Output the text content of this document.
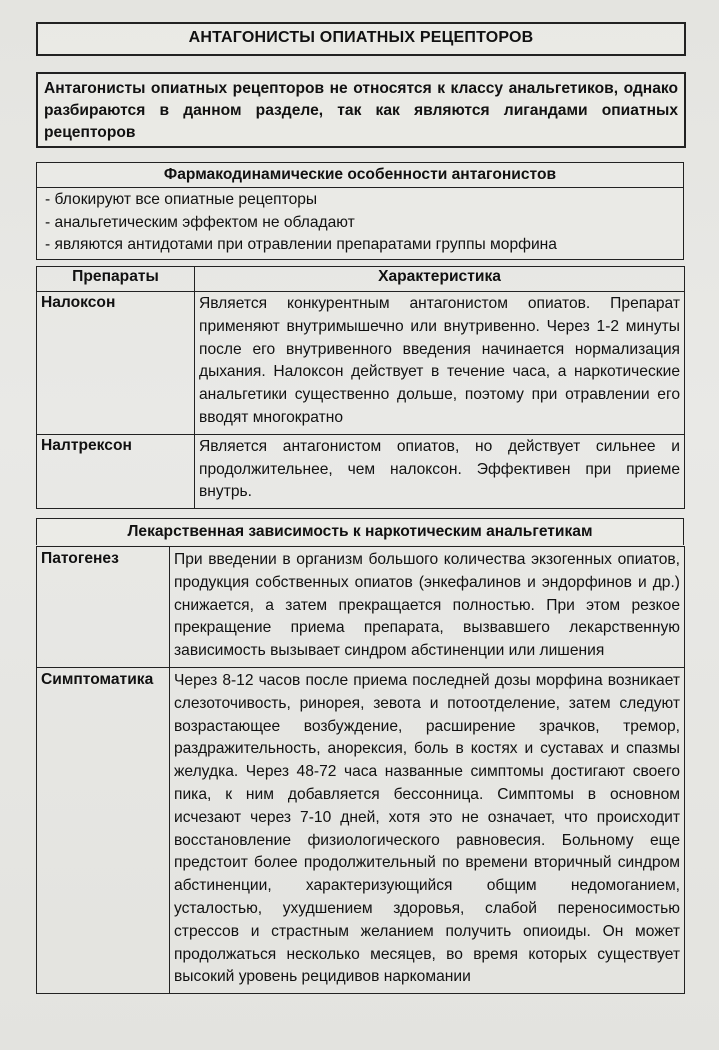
АНТАГОНИСТЫ ОПИАТНЫХ РЕЦЕПТОРОВ
Антагонисты опиатных рецепторов не относятся к классу анальгетиков, однако разбираются в данном разделе, так как являются лигандами опиатных рецепторов
Фармакодинамические особенности антагонистов
- блокируют все опиатные рецепторы
- анальгетическим эффектом не обладают
- являются антидотами при отравлении препаратами группы морфина
Препараты	Характеристика
Налоксон	Является конкурентным антагонистом опиатов. Препарат применяют внутримышечно или внутривенно. Через 1-2 минуты после его внутривенного введения начинается нормализация дыхания. Налоксон действует в течение часа, а наркотические анальгетики существенно дольше, поэтому при отравлении его вводят многократно
Налтрексон	Является антагонистом опиатов, но действует сильнее и продолжительнее, чем налоксон. Эффективен при приеме внутрь.
Лекарственная зависимость к наркотическим анальгетикам
Патогенез	При введении в организм большого количества экзогенных опиатов, продукция собственных опиатов (энкефалинов и эндорфинов и др.) снижается, а затем прекращается полностью. При этом резкое прекращение приема препарата, вызвавшего лекарственную зависимость вызывает синдром абстиненции или лишения
Симптоматика	Через 8-12 часов после приема последней дозы морфина возникает слезоточивость, ринорея, зевота и потоотделение, затем следуют возрастающее возбуждение, расширение зрачков, тремор, раздражительность, анорексия, боль в костях и суставах и спазмы желудка. Через 48-72 часа названные симптомы достигают своего пика, к ним добавляется бессонница. Симптомы в основном исчезают через 7-10 дней, хотя это не означает, что происходит восстановление физиологического равновесия. Больному еще предстоит более продолжительный по времени вторичный синдром абстиненции, характеризующийся общим недомоганием, усталостью, ухудшением здоровья, слабой переносимостью стрессов и страстным желанием получить опиоиды. Он может продолжаться несколько месяцев, во время которых существует высокий уровень рецидивов наркомании
